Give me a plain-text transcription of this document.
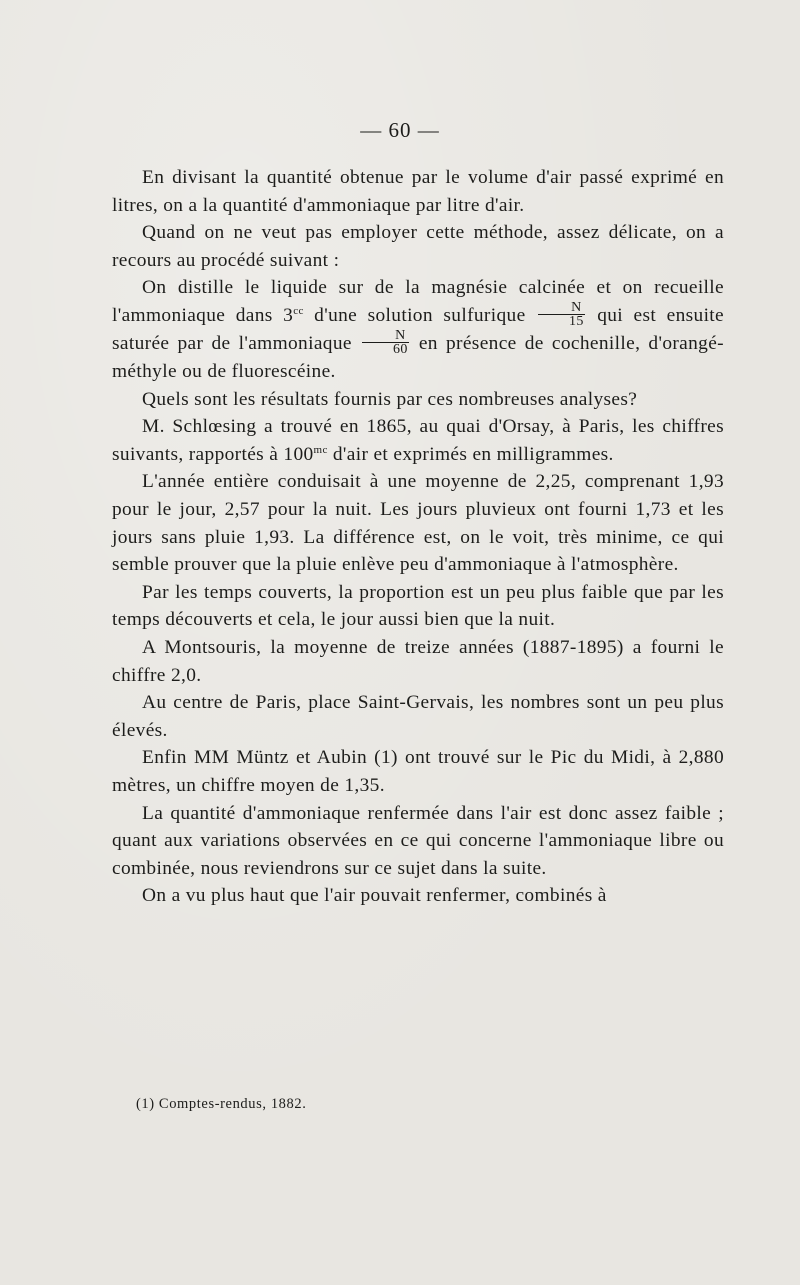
— 60 —

En divisant la quantité obtenue par le volume d'air passé exprimé en litres, on a la quantité d'ammoniaque par litre d'air.

Quand on ne veut pas employer cette méthode, assez délicate, on a recours au procédé suivant :

On distille le liquide sur de la magnésie calcinée et on recueille l'ammoniaque dans $3^{cc}$ d'une solution sulfurique $\frac{N}{15}$ qui est ensuite saturée par de l'ammoniaque $\frac{N}{60}$ en présence de cochenille, d'orangé-méthyle ou de fluorescéine.

Quels sont les résultats fournis par ces nombreuses analyses?

M. Schlœsing a trouvé en 1865, au quai d'Orsay, à Paris, les chiffres suivants, rapportés à $100^{mc}$ d'air et exprimés en milligrammes.

L'année entière conduisait à une moyenne de 2,25, comprenant 1,93 pour le jour, 2,57 pour la nuit. Les jours pluvieux ont fourni 1,73 et les jours sans pluie 1,93. La différence est, on le voit, très minime, ce qui semble prouver que la pluie enlève peu d'ammoniaque à l'atmosphère.

Par les temps couverts, la proportion est un peu plus faible que par les temps découverts et cela, le jour aussi bien que la nuit.

A Montsouris, la moyenne de treize années (1887-1895) a fourni le chiffre 2,0.

Au centre de Paris, place Saint-Gervais, les nombres sont un peu plus élevés.

Enfin MM Müntz et Aubin (1) ont trouvé sur le Pic du Midi, à 2,880 mètres, un chiffre moyen de 1,35.

La quantité d'ammoniaque renfermée dans l'air est donc assez faible ; quant aux variations observées en ce qui concerne l'ammoniaque libre ou combinée, nous reviendrons sur ce sujet dans la suite.

On a vu plus haut que l'air pouvait renfermer, combinés à

(1) Comptes-rendus, 1882.
